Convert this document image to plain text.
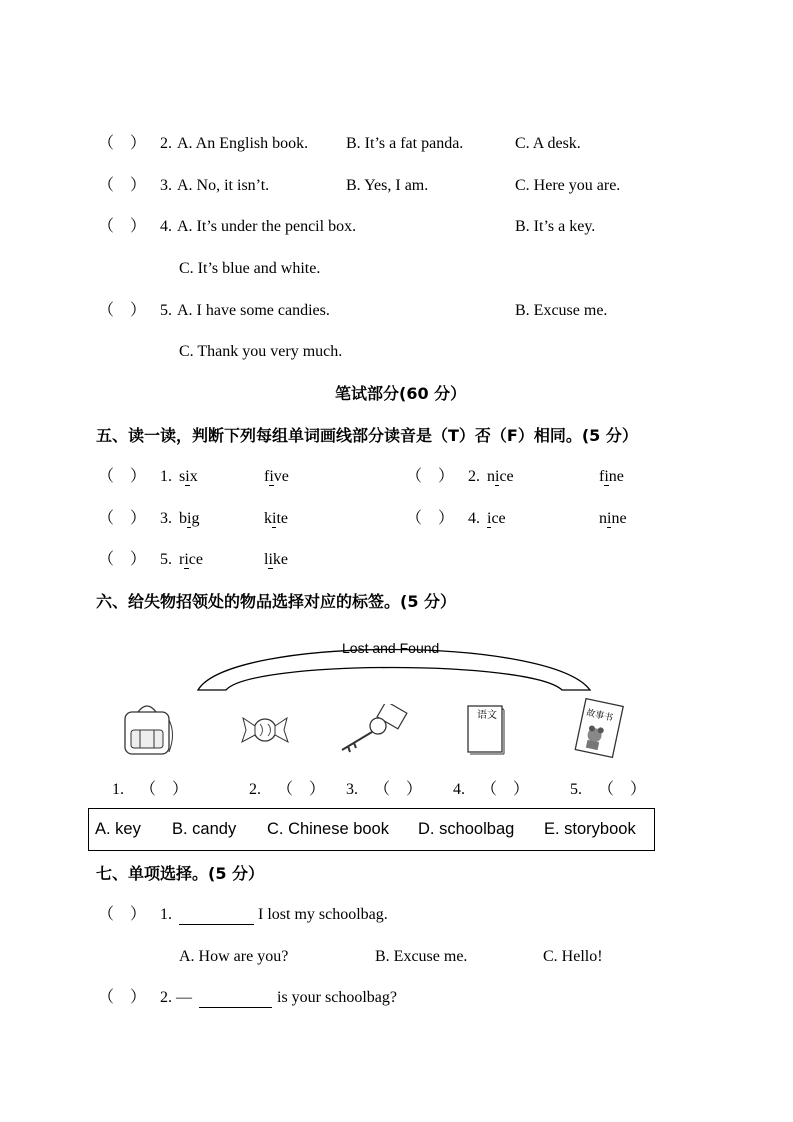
（　） 2. A. An English book. B. It’s a fat panda.	C. A desk.
（　） 3. A. No, it isn’t.	B. Yes, I am.	C. Here you are.
（　） 4. A. It’s under the pencil box.	B. It’s a key.
C. It’s blue and white.
（　） 5. A. I have some candies.	B. Excuse me.
C. Thank you very much.
笔试部分(60 分）
五、读一读，判断下列每组单词画线部分读音是（T）否（F）相同。(5 分）
（　） 1. six	five	（　） 2. nice	fine
（　） 3. big	kite	（　） 4. ice	nine
（　） 5. rice	like
六、给失物招领处的物品选择对应的标签。(5 分）
Lost and Found
语文	故事书
1. （　）	2. （　） 3. （　） 4. （　）	5. （　）
A. key B. candy C. Chinese book D. schoolbag E. storybook
七、单项选择。(5 分）
（　） 1.	I lost my schoolbag.
A. How are you?	B. Excuse me.	C. Hello!
（　） 2. —	is your schoolbag?
